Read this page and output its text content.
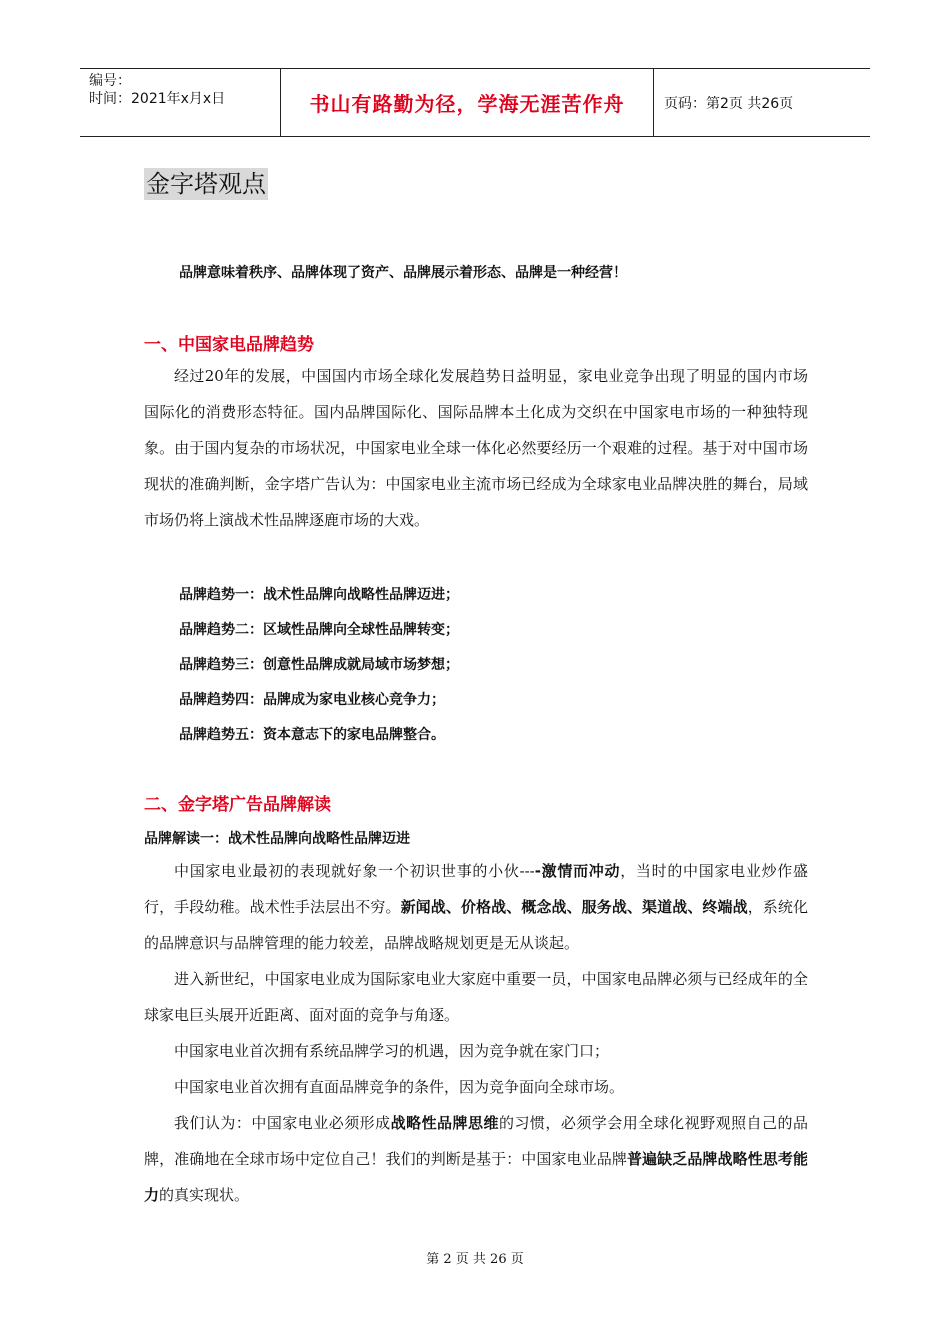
编号：
时间：2021年x月x日	书山有路勤为径，学海无涯苦作舟	页码：第2页 共26页
金字塔观点
品牌意味着秩序、品牌体现了资产、品牌展示着形态、品牌是一种经营！
一、中国家电品牌趋势

经过20年的发展，中国国内市场全球化发展趋势日益明显，家电业竞争出现了明显的国内市场国际化的消费形态特征。国内品牌国际化、国际品牌本土化成为交织在中国家电市场的一种独特现象。由于国内复杂的市场状况，中国家电业全球一体化必然要经历一个艰难的过程。基于对中国市场现状的准确判断，金字塔广告认为：中国家电业主流市场已经成为全球家电业品牌决胜的舞台，局域市场仍将上演战术性品牌逐鹿市场的大戏。

品牌趋势一：战术性品牌向战略性品牌迈进；
品牌趋势二：区域性品牌向全球性品牌转变；
品牌趋势三：创意性品牌成就局域市场梦想；
品牌趋势四：品牌成为家电业核心竞争力；
品牌趋势五：资本意志下的家电品牌整合。
二、金字塔广告品牌解读
品牌解读一：战术性品牌向战略性品牌迈进

中国家电业最初的表现就好象一个初识世事的小伙----激情而冲动，当时的中国家电业炒作盛行，手段幼稚。战术性手法层出不穷。新闻战、价格战、概念战、服务战、渠道战、终端战，系统化的品牌意识与品牌管理的能力较差，品牌战略规划更是无从谈起。

进入新世纪，中国家电业成为国际家电业大家庭中重要一员，中国家电品牌必须与已经成年的全球家电巨头展开近距离、面对面的竞争与角逐。

中国家电业首次拥有系统品牌学习的机遇，因为竞争就在家门口；

中国家电业首次拥有直面品牌竞争的条件，因为竞争面向全球市场。

我们认为：中国家电业必须形成战略性品牌思维的习惯，必须学会用全球化视野观照自己的品牌，准确地在全球市场中定位自己！我们的判断是基于：中国家电业品牌普遍缺乏品牌战略性思考能力的真实现状。

第 2 页 共 26 页
